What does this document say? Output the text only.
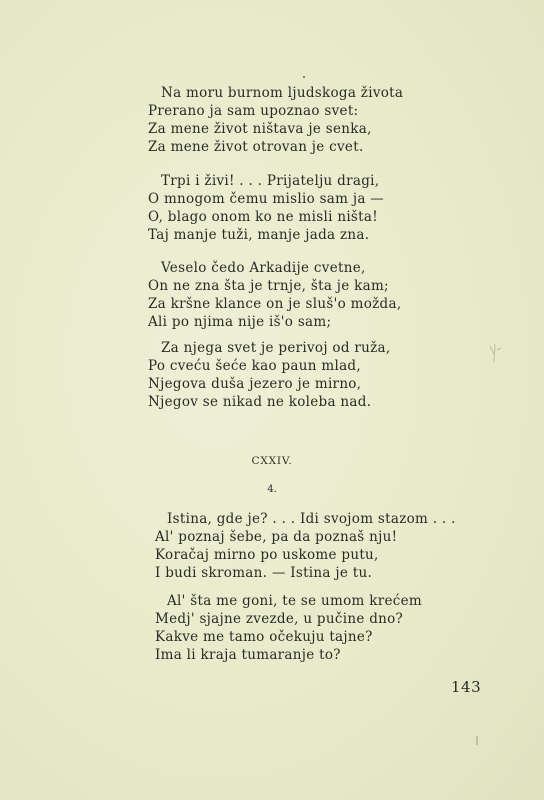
Na moru burnom ljudskoga života
Prerano ja sam upoznao svet:
Za mene život ništava je senka,
Za mene život otrovan je cvet.
Trpi i živi! . . . Prijatelju dragi,
O mnogom čemu mislio sam ja —
O, blago onom ko ne misli ništa!
Taj manje tuži, manje jada zna.
Veselo čedo Arkadije cvetne,
On ne zna šta je trnje, šta je kam;
Za kršne klance on je sluš'o možda,
Ali po njima nije iš'o sam;
Za njega svet je perivoj od ruža,
Po cveću šeće kao paun mlad,
Njegova duša jezero je mirno,
Njegov se nikad ne koleba nad.
CXXIV.
4.
Istina, gde je? . . . Idi svojom stazom . . .
Al' poznaj šebe, pa da poznaš nju!
Koračaj mirno po uskome putu,
I budi skroman. — Istina je tu.
Al' šta me goni, te se umom krećem
Medj' sjajne zvezde, u pučine dno?
Kakve me tamo očekuju tajne?
Ima li kraja tumaranje to?
143
